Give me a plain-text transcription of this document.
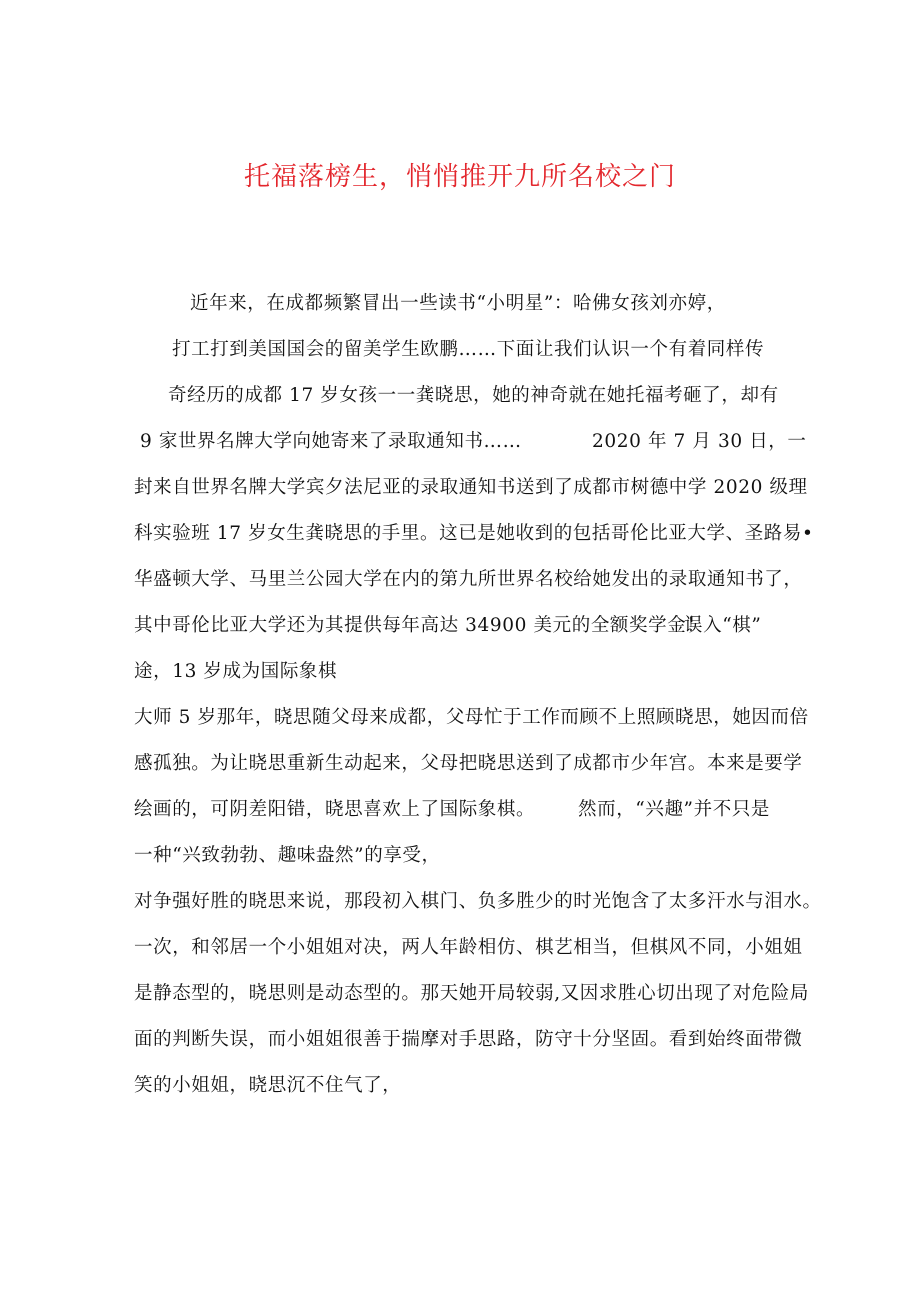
托福落榜生，悄悄推开九所名校之门
近年来，在成都频繁冒出一些读书“小明星”：哈佛女孩刘亦婷，
打工打到美国国会的留美学生欧鹏……下面让我们认识一个有着同样传
奇经历的成都 17 岁女孩一一龚晓思，她的神奇就在她托福考砸了，却有
9 家世界名牌大学向她寄来了录取通知书……	2020 年 7 月 30 日，一
封来自世界名牌大学宾夕法尼亚的录取通知书送到了成都市树德中学 2020 级理
科实验班 17 岁女生龚晓思的手里。这已是她收到的包括哥伦比亚大学、圣路易•
华盛顿大学、马里兰公园大学在内的第九所世界名校给她发出的录取通知书了，
其中哥伦比亚大学还为其提供每年高达 34900 美元的全额奖学金！
误入“棋”
途，13 岁成为国际象棋
大师 5 岁那年，晓思随父母来成都，父母忙于工作而顾不上照顾晓思，她因而倍
感孤独。为让晓思重新生动起来，父母把晓思送到了成都市少年宫。本来是要学
绘画的，可阴差阳错，晓思喜欢上了国际象棋。 然而，“兴趣”并不只是
一种“兴致勃勃、趣味盎然”的享受，
对争强好胜的晓思来说，那段初入棋门、负多胜少的时光饱含了太多汗水与泪水。
一次，和邻居一个小姐姐对决，两人年龄相仿、棋艺相当，但棋风不同，小姐姐
是静态型的，晓思则是动态型的。那天她开局较弱,又因求胜心切出现了对危险局
面的判断失误，而小姐姐很善于揣摩对手思路，防守十分坚固。看到始终面带微
笑的小姐姐，晓思沉不住气了，
